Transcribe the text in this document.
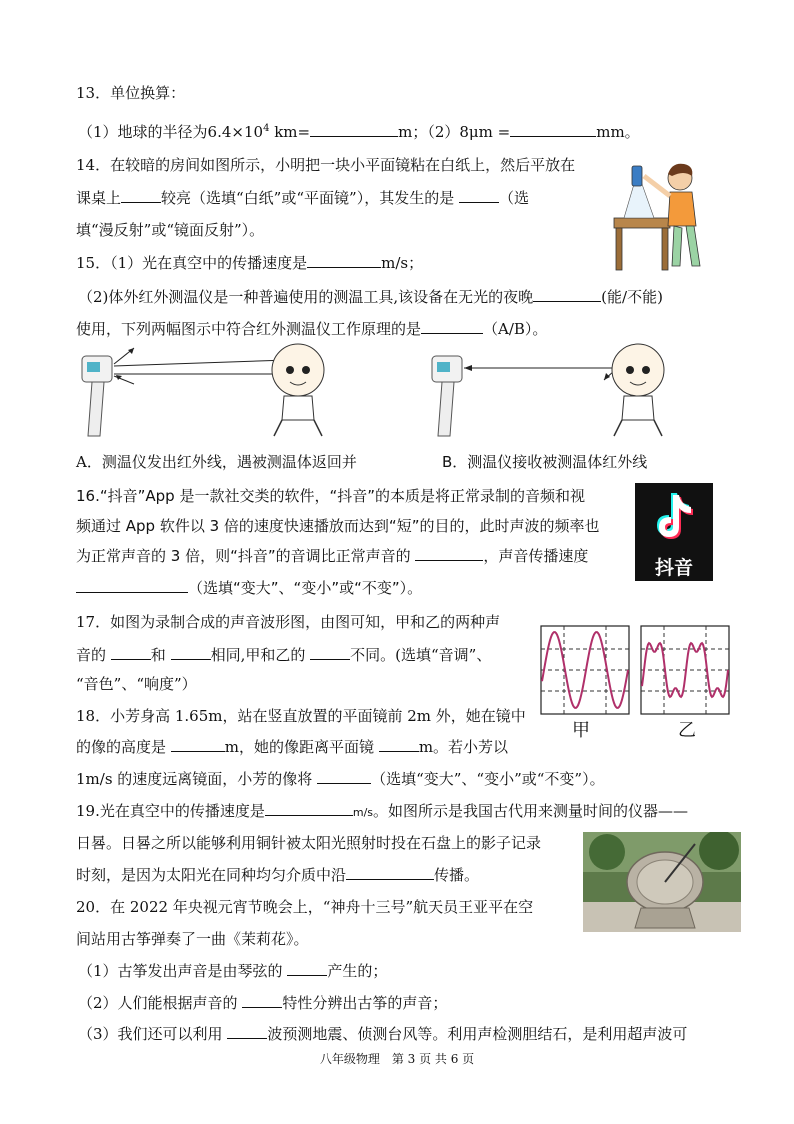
13．单位换算：
（1）地球的半径为$6.4\times 10^4$ km=	m；（2）8μm =	mm。
14．在较暗的房间如图所示，小明把一块小平面镜粘在白纸上，然后平放在
课桌上	较亮（选填“白纸”或“平面镜”），其发生的是	（选
填“漫反射”或“镜面反射”）。
15．（1）光在真空中的传播速度是	m/s；
（2)体外红外测温仪是一种普遍使用的测温工具,该设备在无光的夜晚	(能/不能)
使用，下列两幅图示中符合红外测温仪工作原理的是	（A/B）。
A．测温仪发出红外线，遇被测温体返回并	B．测温仪接收被测温体红外线
16.“抖音”App 是一款社交类的软件，“抖音”的本质是将正常录制的音频和视
频通过 App 软件以 3 倍的速度快速播放而达到“短”的目的，此时声波的频率也
为正常声音的 3 倍，则“抖音”的音调比正常声音的	，声音传播速度
（选填“变大”、“变小”或“不变”）。
抖音
17．如图为录制合成的声音波形图，由图可知，甲和乙的两种声
音的	和	相同,甲和乙的	不同。(选填“音调”、
“音色”、“响度”）
甲	乙
18．小芳身高 1.65m，站在竖直放置的平面镜前 2m 外，她在镜中
的像的高度是	m，她的像距离平面镜	m。若小芳以
1m/s 的速度远离镜面，小芳的像将	（选填“变大”、“变小”或“不变”）。
19.光在真空中的传播速度是	m/s。如图所示是我国古代用来测量时间的仪器——
日晷。日晷之所以能够利用铜针被太阳光照射时投在石盘上的影子记录
时刻，是因为太阳光在同种均匀介质中沿	传播。
20．在 2022 年央视元宵节晚会上，“神舟十三号”航天员王亚平在空
间站用古筝弹奏了一曲《茉莉花》。
（1）古筝发出声音是由琴弦的	产生的；
（2）人们能根据声音的	特性分辨出古筝的声音；
（3）我们还可以利用	波预测地震、侦测台风等。利用声检测胆结石，是利用超声波可
八年级物理　第 3 页 共 6 页
